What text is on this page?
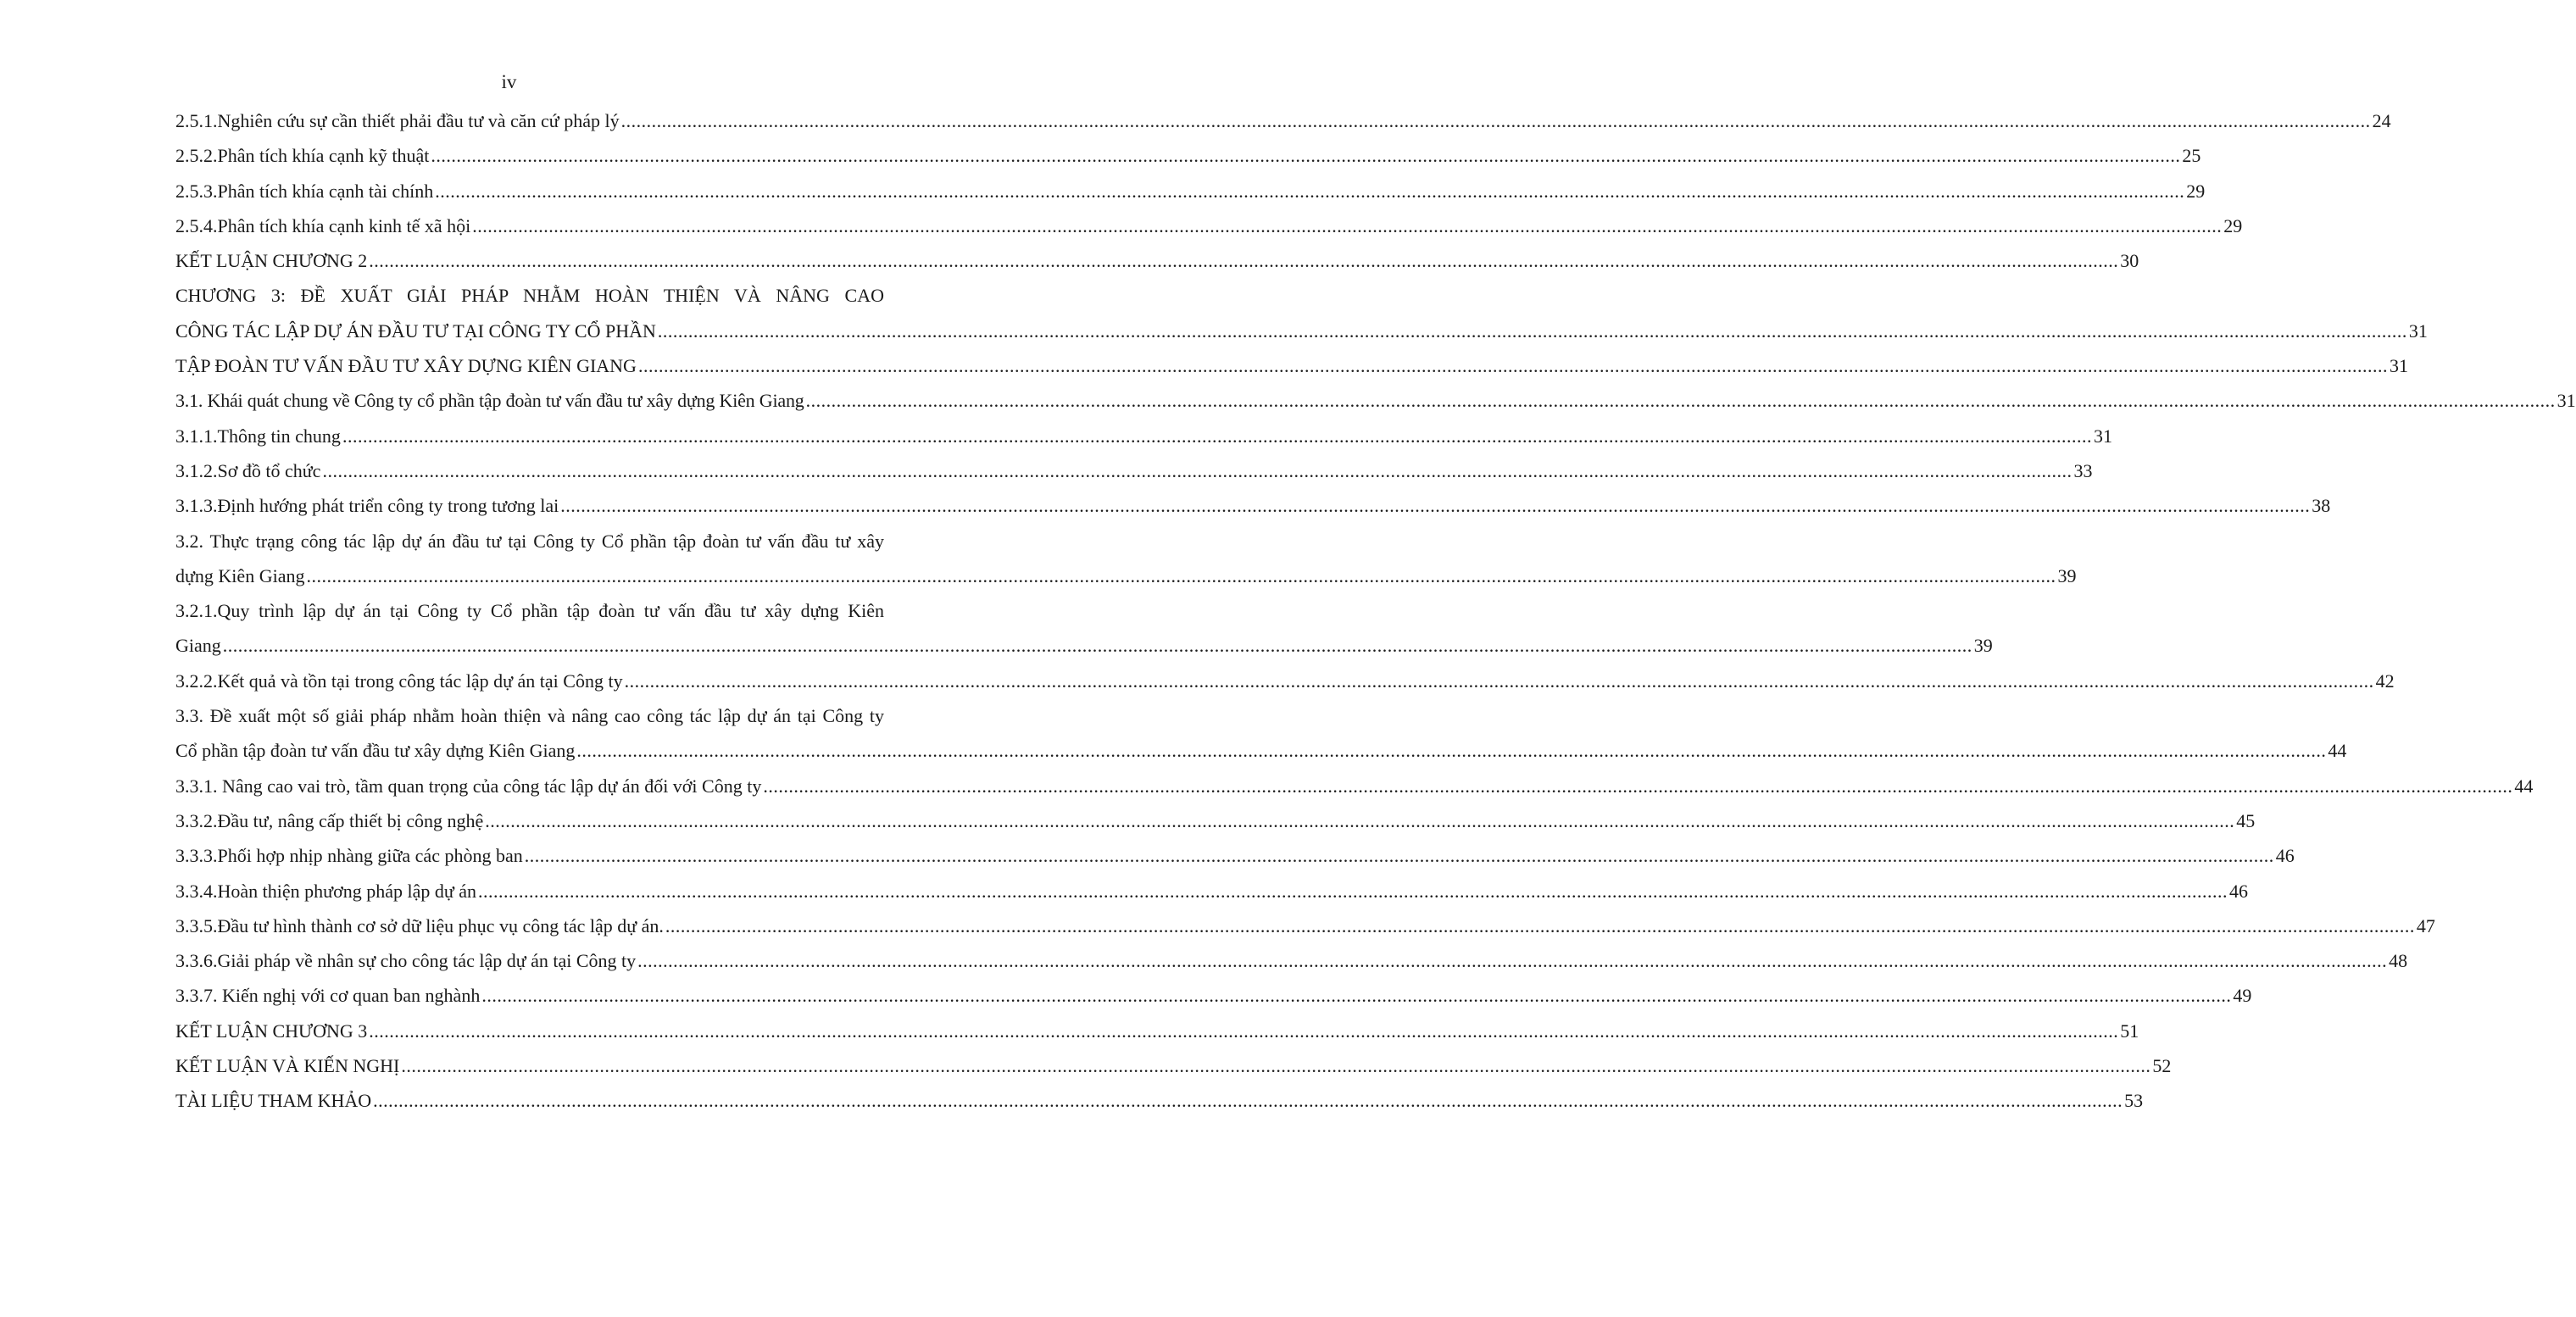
iv
2.5.1.Nghiên cứu sự cần thiết phải đầu tư và căn cứ pháp lý .....	24
2.5.2.Phân tích khía cạnh kỹ thuật .....	25
2.5.3.Phân tích khía cạnh tài chính .....	29
2.5.4.Phân tích khía cạnh kinh tế xã hội .....	29
KẾT LUẬN CHƯƠNG 2 .....	30
CHƯƠNG 3: ĐỀ XUẤT GIẢI PHÁP NHẰM HOÀN THIỆN VÀ NÂNG CAO
CÔNG TÁC LẬP DỰ ÁN ĐẦU TƯ TẠI CÔNG TY CỔ PHẦN .....	31
TẬP ĐOÀN TƯ VẤN ĐẦU TƯ XÂY DỰNG KIÊN GIANG .....	31
3.1. Khái quát chung về Công ty cổ phần tập đoàn tư vấn đầu tư xây dựng Kiên Giang .....	31
3.1.1.Thông tin chung .....	31
3.1.2.Sơ đồ tổ chức .....	33
3.1.3.Định hướng phát triển công ty trong tương lai .....	38
3.2. Thực trạng công tác lập dự án đầu tư tại Công ty Cổ phần tập đoàn tư vấn đầu tư xây
dựng Kiên Giang .....	39
3.2.1.Quy trình lập dự án tại Công ty Cổ phần tập đoàn tư vấn đầu tư xây dựng Kiên
Giang .....	39
3.2.2.Kết quả và tồn tại trong công tác lập dự án tại Công ty .....	42
3.3. Đề xuất một số giải pháp nhằm hoàn thiện và nâng cao công tác lập dự án tại Công ty
Cổ phần tập đoàn tư vấn đầu tư xây dựng Kiên Giang .....	44
3.3.1. Nâng cao vai trò, tầm quan trọng của công tác lập dự án đối với Công ty .....	44
3.3.2.Đầu tư, nâng cấp thiết bị công nghệ .....	45
3.3.3.Phối hợp nhịp nhàng giữa các phòng ban .....	46
3.3.4.Hoàn thiện phương pháp lập dự án .....	46
3.3.5.Đầu tư hình thành cơ sở dữ liệu phục vụ công tác lập dự án. .....	47
3.3.6.Giải pháp về nhân sự cho công tác lập dự án tại Công ty .....	48
3.3.7. Kiến nghị với cơ quan ban nghành .....	49
KẾT LUẬN CHƯƠNG 3 .....	51
KẾT LUẬN VÀ KIẾN NGHỊ .....	52
TÀI LIỆU THAM KHẢO .....	53
